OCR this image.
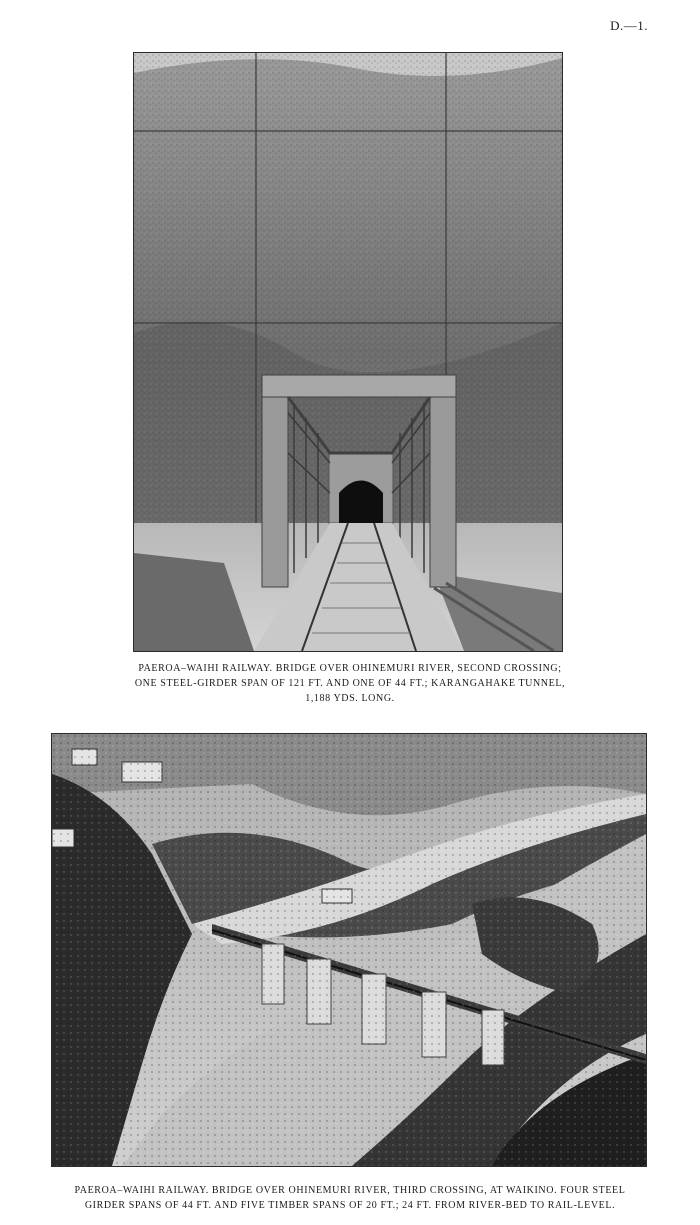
D.—1.
PAEROA–WAIHI RAILWAY. BRIDGE OVER OHINEMURI RIVER, SECOND CROSSING;
ONE STEEL-GIRDER SPAN OF 121 FT. AND ONE OF 44 FT.; KARANGAHAKE TUNNEL,
1,188 YDS. LONG.
PAEROA–WAIHI RAILWAY. BRIDGE OVER OHINEMURI RIVER, THIRD CROSSING, AT WAIKINO. FOUR STEEL
GIRDER SPANS OF 44 FT. AND FIVE TIMBER SPANS OF 20 FT.; 24 FT. FROM RIVER-BED TO RAIL-LEVEL.
